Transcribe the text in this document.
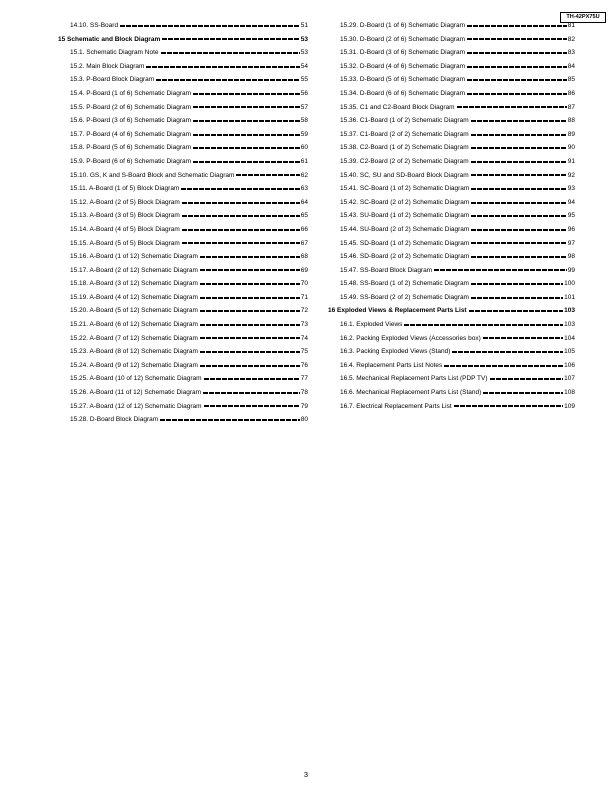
TH-42PX75U
14.10. SS-Board	51
15 Schematic and Block Diagram	53
15.1. Schematic Diagram Note	53
15.2. Main Block Diagram	54
15.3. P-Board Block Diagram	55
15.4. P-Board (1 of 6) Schematic Diagram	56
15.5. P-Board (2 of 6) Schematic Diagram	57
15.6. P-Board (3 of 6) Schematic Diagram	58
15.7. P-Board (4 of 6) Schematic Diagram	59
15.8. P-Board (5 of 6) Schematic Diagram	60
15.9. P-Board (6 of 6) Schematic Diagram	61
15.10. GS, K and S-Board Block and Schematic Diagram	62
15.11. A-Board (1 of 5) Block Diagram	63
15.12. A-Board (2 of 5) Block Diagram	64
15.13. A-Board (3 of 5) Block Diagram	65
15.14. A-Board (4 of 5) Block Diagram	66
15.15. A-Board (5 of 5) Block Diagram	67
15.16. A-Board (1 of 12) Schematic Diagram	68
15.17. A-Board (2 of 12) Schematic Diagram	69
15.18. A-Board (3 of 12) Schematic Diagram	70
15.19. A-Board (4 of 12) Schematic Diagram	71
15.20. A-Board (5 of 12) Schematic Diagram	72
15.21. A-Board (6 of 12) Schematic Diagram	73
15.22. A-Board (7 of 12) Schematic Diagram	74
15.23. A-Board (8 of 12) Schematic Diagram	75
15.24. A-Board (9 of 12) Schematic Diagram	76
15.25. A-Board (10 of 12) Schematic Diagram	77
15.26. A-Board (11 of 12) Schematic Diagram	78
15.27. A-Board (12 of 12) Schematic Diagram	79
15.28. D-Board Block Diagram	80
15.29. D-Board (1 of 6) Schematic Diagram	81
15.30. D-Board (2 of 6) Schematic Diagram	82
15.31. D-Board (3 of 6) Schematic Diagram	83
15.32. D-Board (4 of 6) Schematic Diagram	84
15.33. D-Board (5 of 6) Schematic Diagram	85
15.34. D-Board (6 of 6) Schematic Diagram	86
15.35. C1 and C2-Board Block Diagram	87
15.36. C1-Board (1 of 2) Schematic Diagram	88
15.37. C1-Board (2 of 2) Schematic Diagram	89
15.38. C2-Board (1 of 2) Schematic Diagram	90
15.39. C2-Board (2 of 2) Schematic Diagram	91
15.40. SC, SU and SD-Board Block Diagram	92
15.41. SC-Board (1 of 2) Schematic Diagram	93
15.42. SC-Board (2 of 2) Schematic Diagram	94
15.43. SU-Board (1 of 2) Schematic Diagram	95
15.44. SU-Board (2 of 2) Schematic Diagram	96
15.45. SD-Board (1 of 2) Schematic Diagram	97
15.46. SD-Board (2 of 2) Schematic Diagram	98
15.47. SS-Board Block Diagram	99
15.48. SS-Board (1 of 2) Schematic Diagram	100
15.49. SS-Board (2 of 2) Schematic Diagram	101
16 Exploded Views & Replacement Parts List	103
16.1. Exploded Views	103
16.2. Packing Exploded Views (Accessories box)	104
16.3. Packing Exploded Views (Stand)	105
16.4. Replacement Parts List Notes	106
16.5. Mechanical Replacement Parts List (PDP TV)	107
16.6. Mechanical Replacement Parts List (Stand)	108
16.7. Electrical Replacement Parts List	109
3
